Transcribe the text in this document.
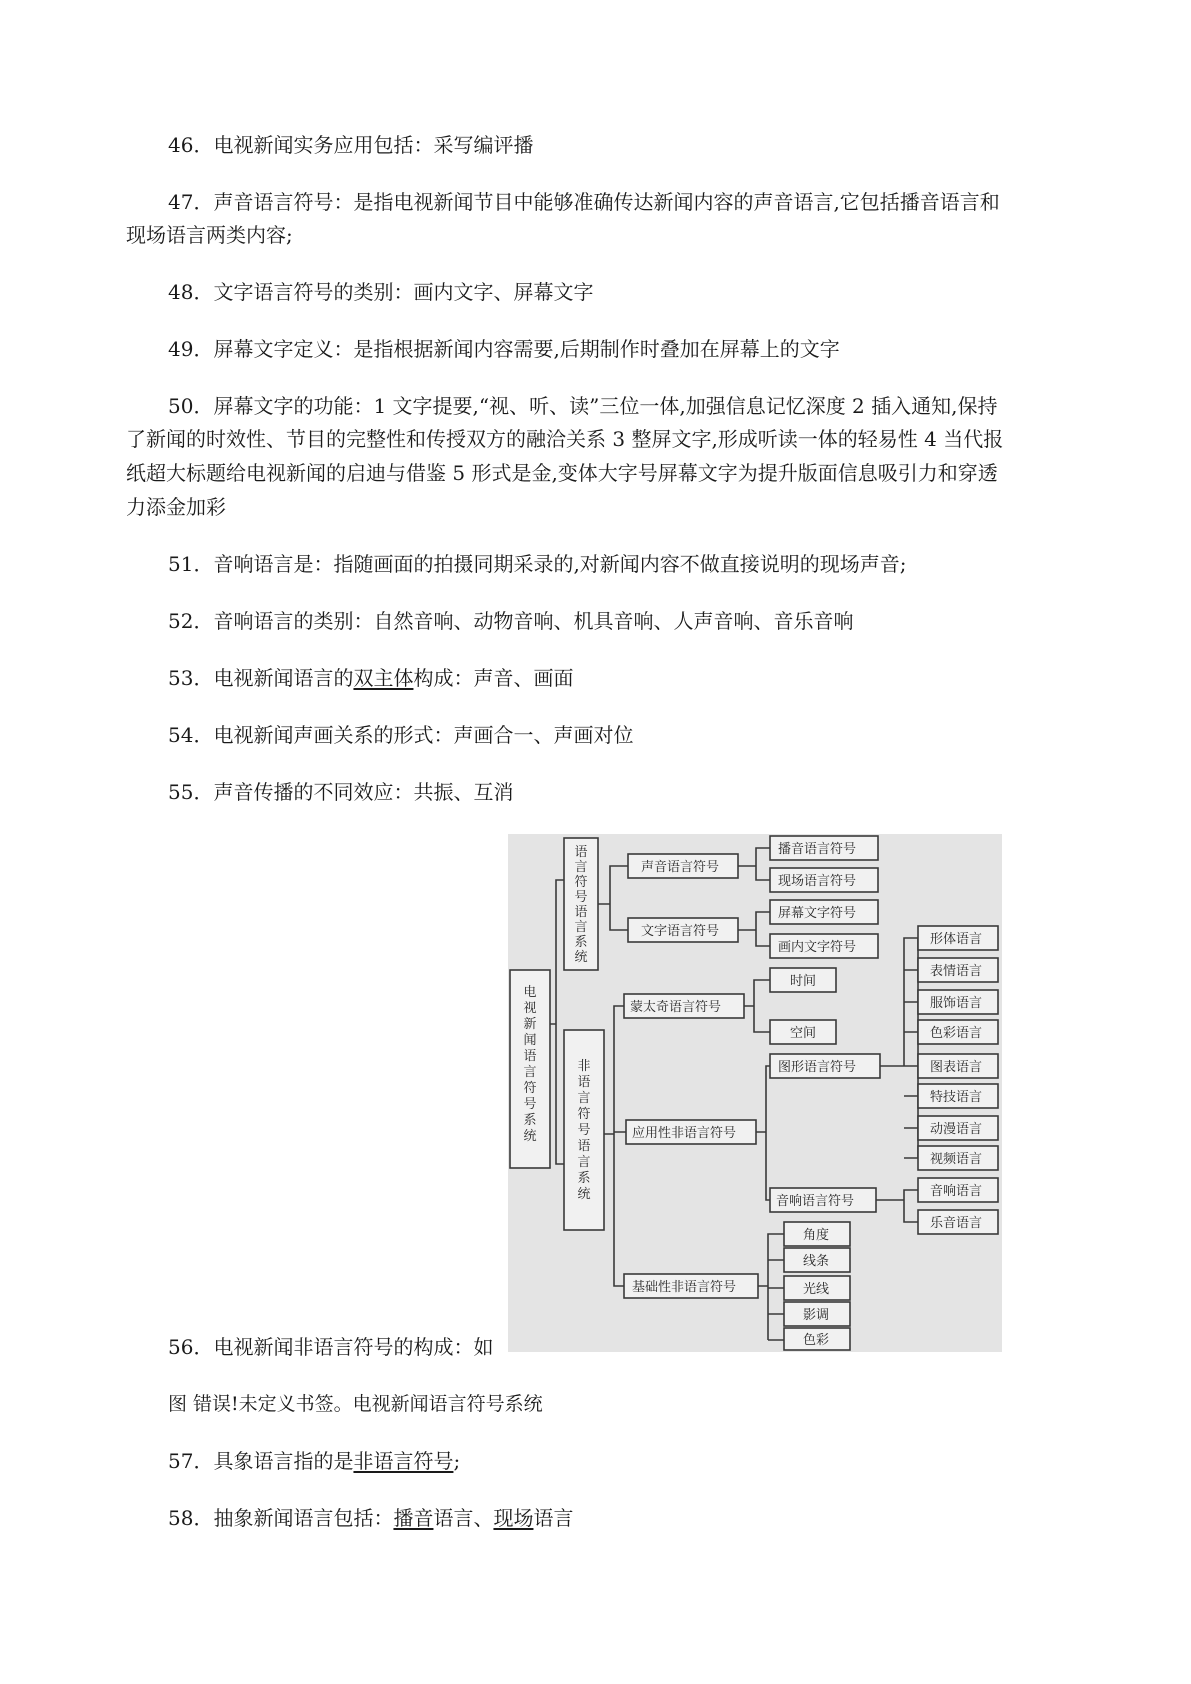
46．电视新闻实务应用包括：采写编评播
47．声音语言符号：是指电视新闻节目中能够准确传达新闻内容的声音语言,它包括播音语言和
现场语言两类内容;
48．文字语言符号的类别：画内文字、屏幕文字
49．屏幕文字定义：是指根据新闻内容需要,后期制作时叠加在屏幕上的文字
50．屏幕文字的功能：1 文字提要,“视、听、读”三位一体,加强信息记忆深度 2 插入通知,保持
了新闻的时效性、节目的完整性和传授双方的融洽关系 3 整屏文字,形成听读一体的轻易性 4 当代报
纸超大标题给电视新闻的启迪与借鉴 5 形式是金,变体大字号屏幕文字为提升版面信息吸引力和穿透
力添金加彩
51．音响语言是：指随画面的拍摄同期采录的,对新闻内容不做直接说明的现场声音;
52．音响语言的类别：自然音响、动物音响、机具音响、人声音响、音乐音响
53．电视新闻语言的双主体构成：声音、画面
54．电视新闻声画关系的形式：声画合一、声画对位
55．声音传播的不同效应：共振、互消
56．电视新闻非语言符号的构成：如
电视新闻语言符号系统
语言符号语言系统
非语言符号语言系统
声音语言符号
文字语言符号
蒙太奇语言符号
应用性非语言符号
基础性非语言符号
播音语言符号
现场语言符号
屏幕文字符号
画内文字符号
时间
空间
图形语言符号
音响语言符号
形体语言
表情语言
服饰语言
色彩语言
图表语言
特技语言
动漫语言
视频语言
音响语言
乐音语言
角度
线条
光线
影调
色彩
图 错误!未定义书签。电视新闻语言符号系统
57．具象语言指的是非语言符号;
58．抽象新闻语言包括：播音语言、现场语言
